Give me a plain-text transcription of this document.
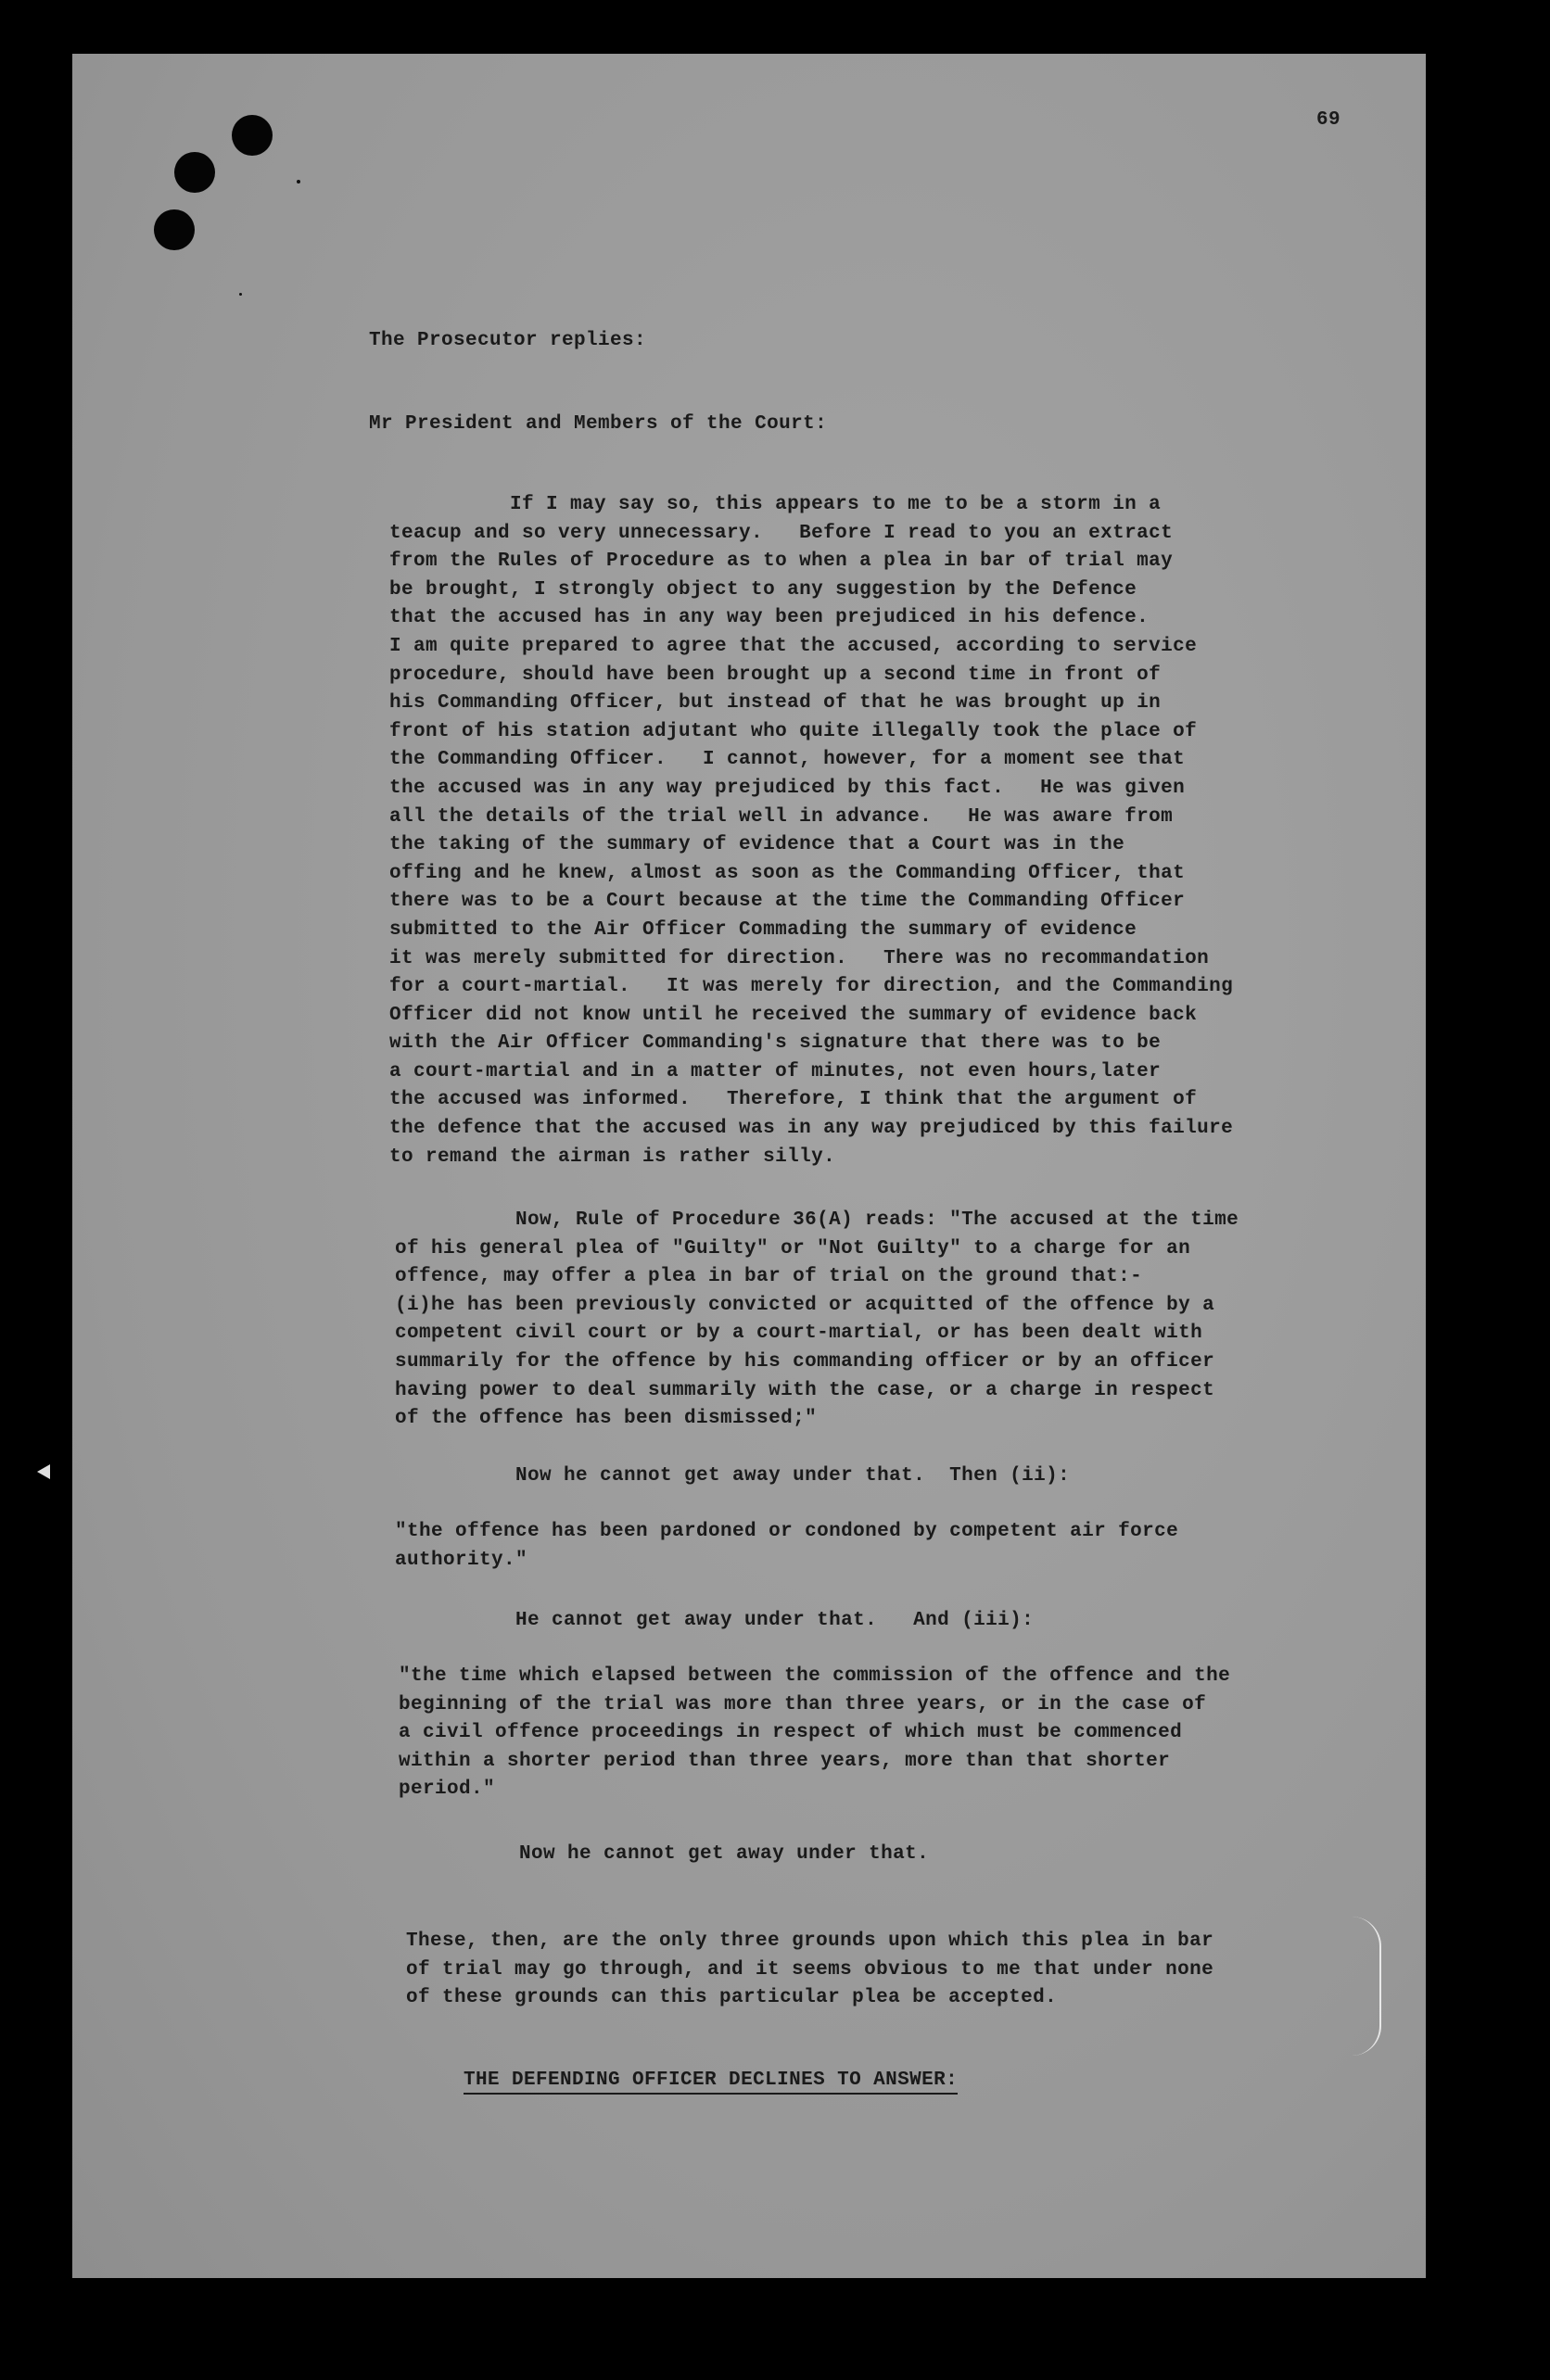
69
The Prosecutor replies:
Mr President and Members of the Court:
If I may say so, this appears to me to be a storm in a
teacup and so very unnecessary.   Before I read to you an extract
from the Rules of Procedure as to when a plea in bar of trial may
be brought, I strongly object to any suggestion by the Defence
that the accused has in any way been prejudiced in his defence.
I am quite prepared to agree that the accused, according to service
procedure, should have been brought up a second time in front of
his Commanding Officer, but instead of that he was brought up in
front of his station adjutant who quite illegally took the place of
the Commanding Officer.   I cannot, however, for a moment see that
the accused was in any way prejudiced by this fact.   He was given
all the details of the trial well in advance.   He was aware from
the taking of the summary of evidence that a Court was in the
offing and he knew, almost as soon as the Commanding Officer, that
there was to be a Court because at the time the Commanding Officer
submitted to the Air Officer Commading the summary of evidence
it was merely submitted for direction.   There was no recommandation
for a court-martial.   It was merely for direction, and the Commanding
Officer did not know until he received the summary of evidence back
with the Air Officer Commanding's signature that there was to be
a court-martial and in a matter of minutes, not even hours,later
the accused was informed.   Therefore, I think that the argument of
the defence that the accused was in any way prejudiced by this failure
to remand the airman is rather silly.
Now, Rule of Procedure 36(A) reads: "The accused at the time
of his general plea of "Guilty" or "Not Guilty" to a charge for an
offence, may offer a plea in bar of trial on the ground that:-
(i)he has been previously convicted or acquitted of the offence by a
competent civil court or by a court-martial, or has been dealt with
summarily for the offence by his commanding officer or by an officer
having power to deal summarily with the case, or a charge in respect
of the offence has been dismissed;"
Now he cannot get away under that.  Then (ii):
"the offence has been pardoned or condoned by competent air force
authority."
He cannot get away under that.   And (iii):
"the time which elapsed between the commission of the offence and the
beginning of the trial was more than three years, or in the case of
a civil offence proceedings in respect of which must be commenced
within a shorter period than three years, more than that shorter
period."
Now he cannot get away under that.
These, then, are the only three grounds upon which this plea in bar
of trial may go through, and it seems obvious to me that under none
of these grounds can this particular plea be accepted.

THE DEFENDING OFFICER DECLINES TO ANSWER:
